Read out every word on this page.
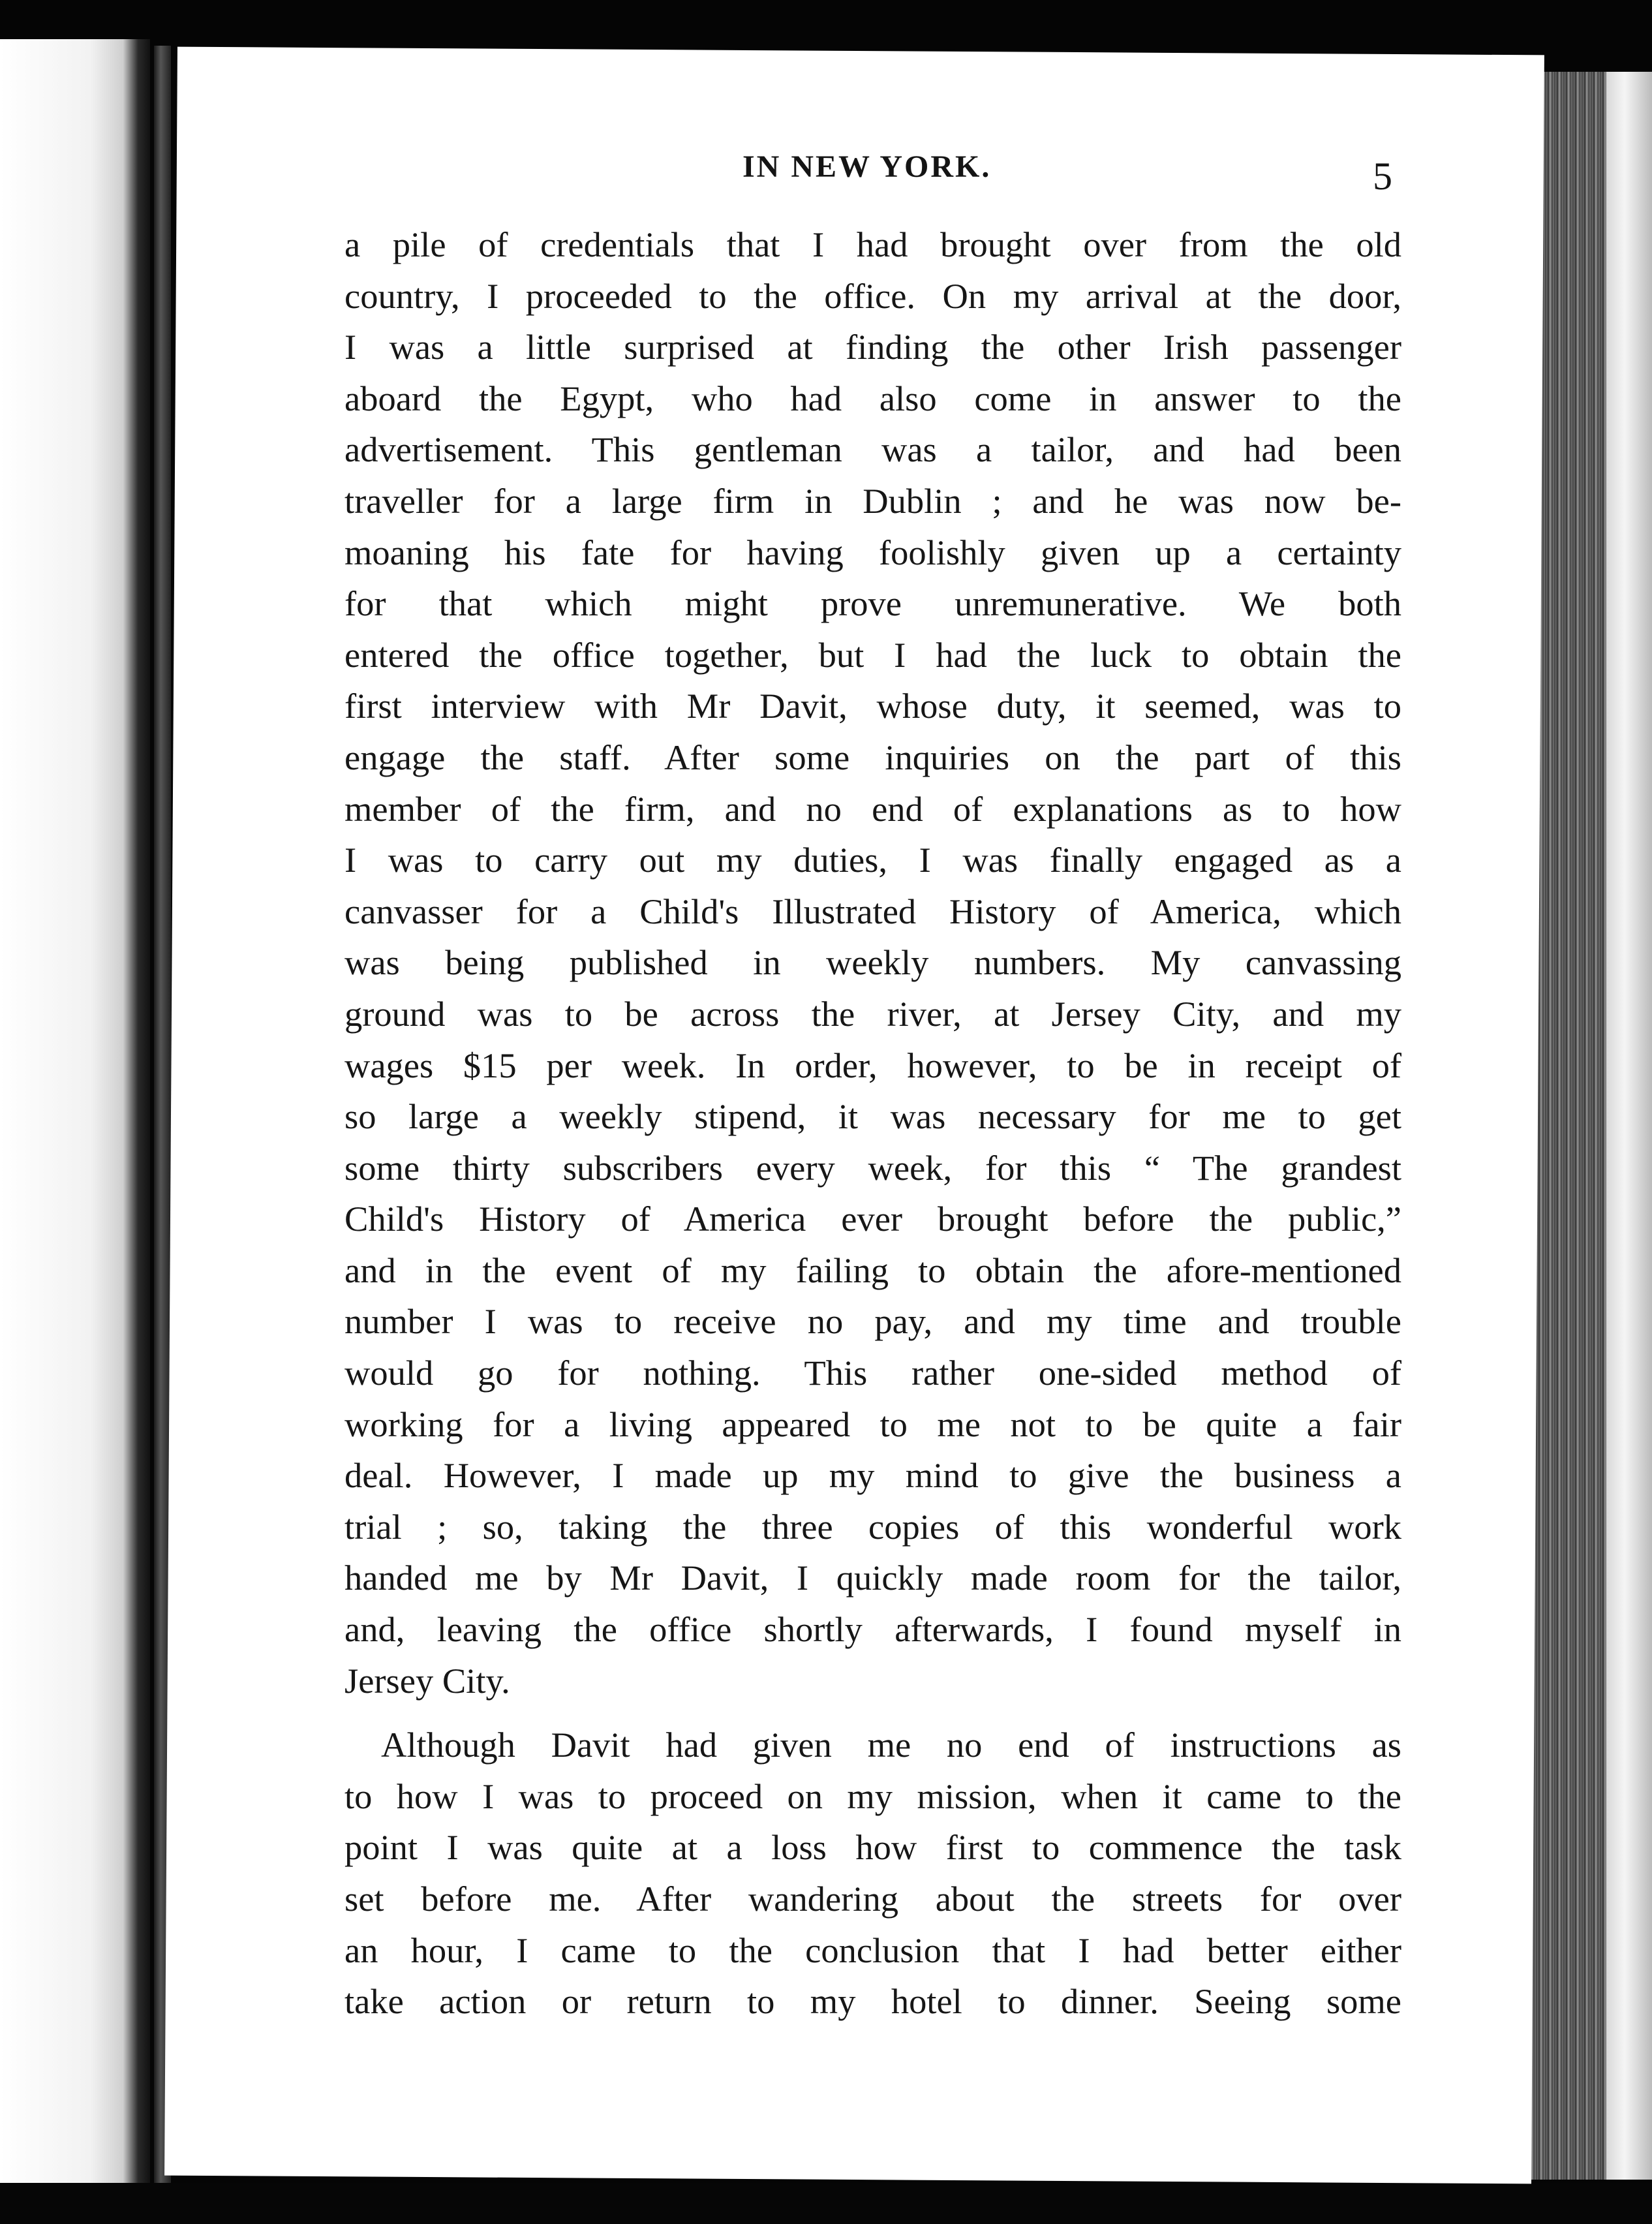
IN NEW YORK.	5
a pile of credentials that I had brought over from the old
country, I proceeded to the office. On my arrival at the door,
I was a little surprised at finding the other Irish passenger
aboard the Egypt, who had also come in answer to the
advertisement. This gentleman was a tailor, and had been
traveller for a large firm in Dublin ; and he was now be-
moaning his fate for having foolishly given up a certainty
for that which might prove unremunerative. We both
entered the office together, but I had the luck to obtain the
first interview with Mr Davit, whose duty, it seemed, was to
engage the staff. After some inquiries on the part of this
member of the firm, and no end of explanations as to how
I was to carry out my duties, I was finally engaged as a
canvasser for a Child's Illustrated History of America, which
was being published in weekly numbers. My canvassing
ground was to be across the river, at Jersey City, and my
wages $15 per week. In order, however, to be in receipt of
so large a weekly stipend, it was necessary for me to get
some thirty subscribers every week, for this “ The grandest
Child's History of America ever brought before the public,”
and in the event of my failing to obtain the afore-mentioned
number I was to receive no pay, and my time and trouble
would go for nothing. This rather one-sided method of
working for a living appeared to me not to be quite a fair
deal. However, I made up my mind to give the business a
trial ; so, taking the three copies of this wonderful work
handed me by Mr Davit, I quickly made room for the tailor,
and, leaving the office shortly afterwards, I found myself in
Jersey City.
Although Davit had given me no end of instructions as
to how I was to proceed on my mission, when it came to the
point I was quite at a loss how first to commence the task
set before me. After wandering about the streets for over
an hour, I came to the conclusion that I had better either
take action or return to my hotel to dinner. Seeing some
